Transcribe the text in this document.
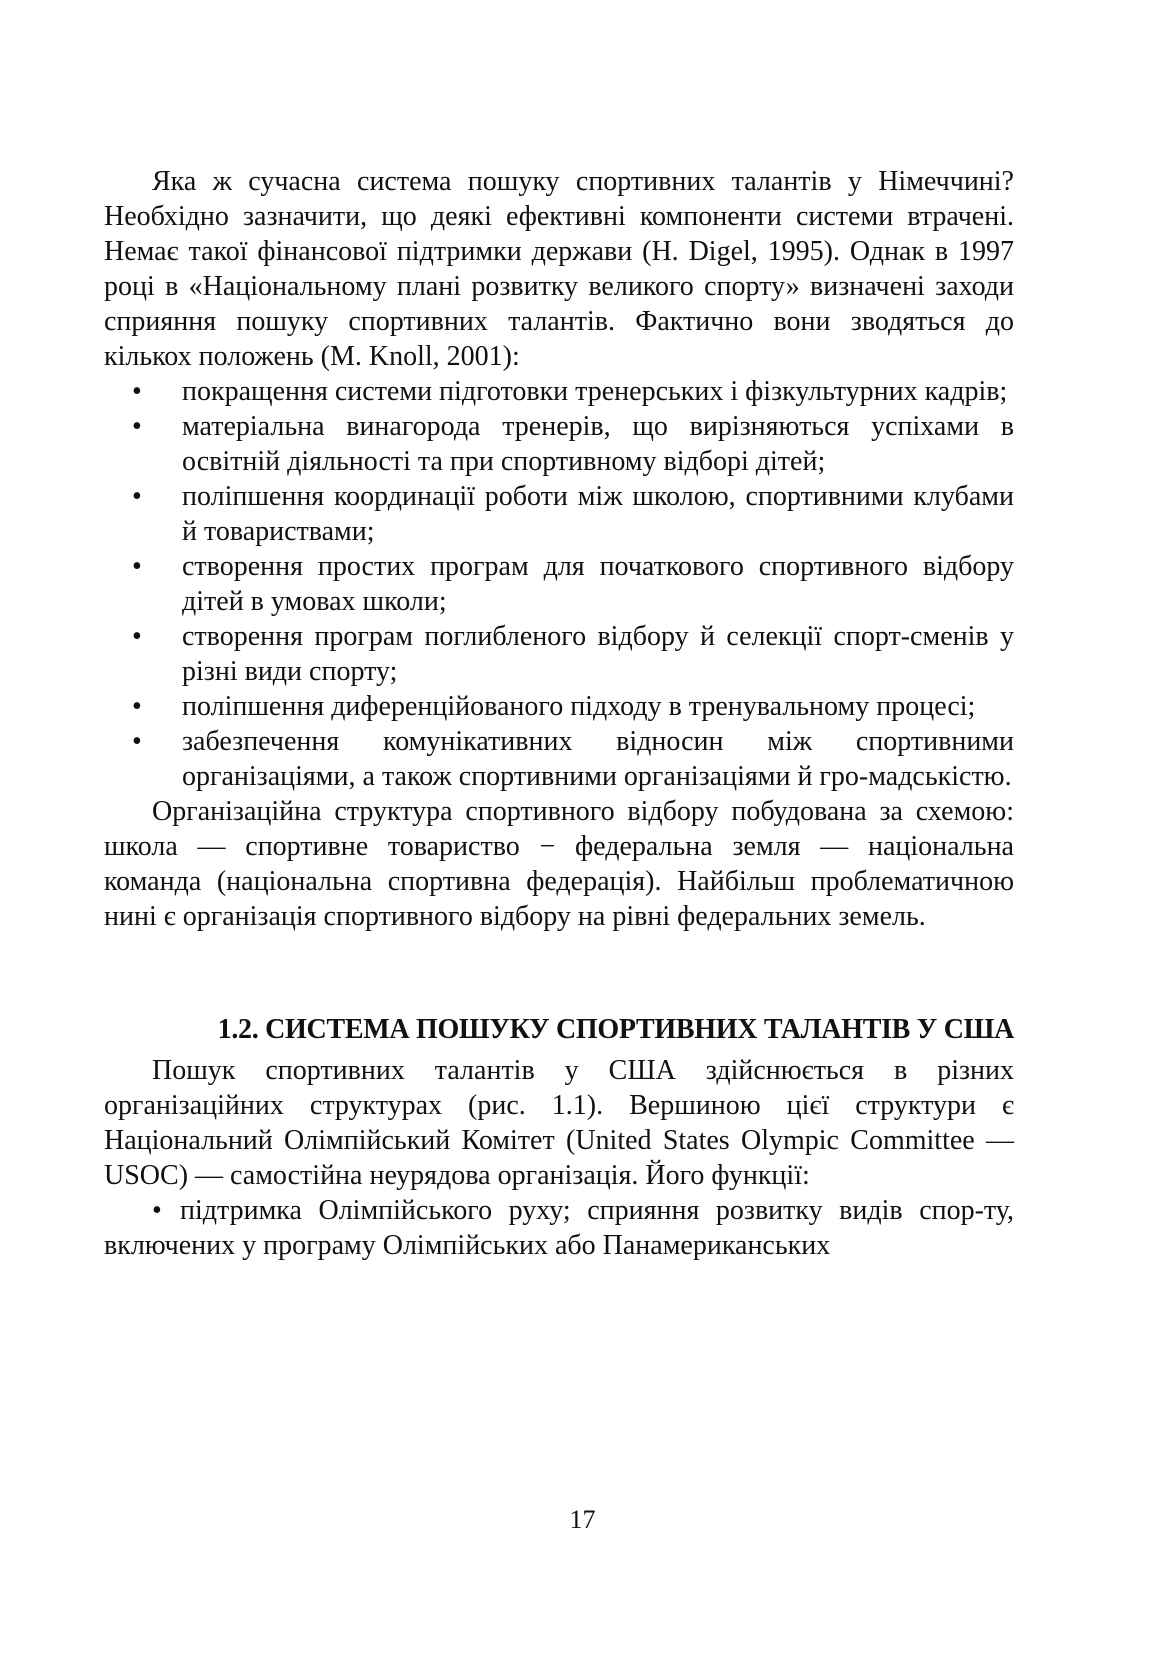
Яка ж сучасна система пошуку спортивних талантів у Німеччині? Необхідно зазначити, що деякі ефективні компоненти системи втрачені. Немає такої фінансової підтримки держави (H. Digel, 1995). Однак в 1997 році в «Національному плані розвитку великого спорту» визначені заходи сприяння пошуку спортивних талантів. Фактично вони зводяться до кількох положень (M. Knoll, 2001):

• покращення системи підготовки тренерських і фізкультурних кадрів;
• матеріальна винагорода тренерів, що вирізняються успіхами в освітній діяльності та при спортивному відборі дітей;
• поліпшення координації роботи між школою, спортивними клубами й товариствами;
• створення простих програм для початкового спортивного відбору дітей в умовах школи;
• створення програм поглибленого відбору й селекції спорт-сменів у різні види спорту;
• поліпшення диференційованого підходу в тренувальному процесі;
• забезпечення комунікативних відносин між спортивними організаціями, а також спортивними організаціями й гро-мадськістю.

Організаційна структура спортивного відбору побудована за схемою: школа — спортивне товариство − федеральна земля — національна команда (національна спортивна федерація). Найбільш проблематичною нині є організація спортивного відбору на рівні федеральних земель.

1.2. СИСТЕМА ПОШУКУ СПОРТИВНИХ ТАЛАНТІВ У США

Пошук спортивних талантів у США здійснюється в різних організаційних структурах (рис. 1.1). Вершиною цієї структури є Національний Олімпійський Комітет (United States Olympic Committee — USOC) — самостійна неурядова організація. Його функції:

• підтримка Олімпійського руху; сприяння розвитку видів спор-ту, включених у програму Олімпійських або Панамериканських

17
